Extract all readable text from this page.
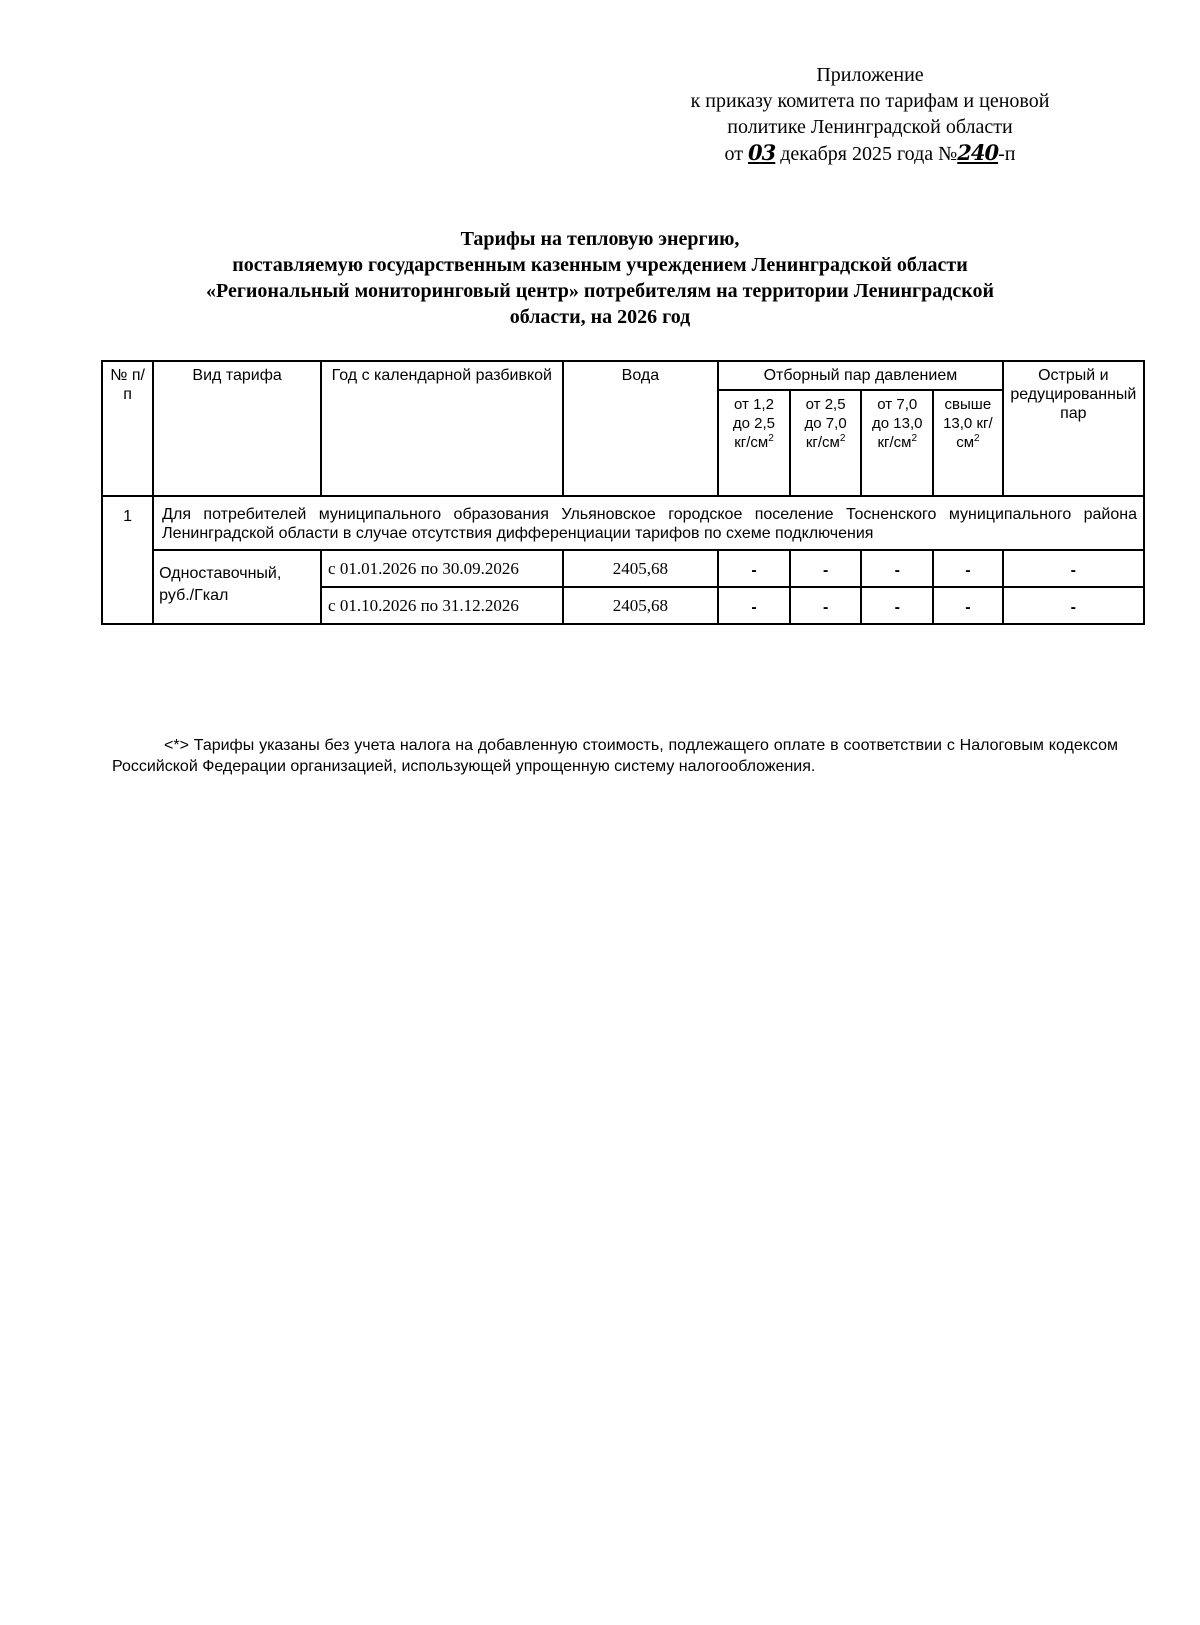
Приложение
к приказу комитета по тарифам и ценовой
политике Ленинградской области
от 03 декабря 2025 года №240-п
Тарифы на тепловую энергию,
поставляемую государственным казенным учреждением Ленинградской области
«Региональный мониторинговый центр» потребителям на территории Ленинградской
области, на 2026 год
№ п/п	Вид тарифа	Год с календарной разбивкой	Вода	Отборный пар давлением				Острый и редуцированный пар
				от 1,2 до 2,5 $кг/см^2$	от 2,5 до 7,0 $кг/см^2$	от 7,0 до 13,0 $кг/см^2$	свыше 13,0 $кг/см^2$
1	Для потребителей муниципального образования Ульяновское городское поселение Тосненского муниципального района Ленинградской области в случае отсутствия дифференциации тарифов по схеме подключения							
	Одноставочный, руб./Гкал	с 01.01.2026 по 30.09.2026	2405,68	-	-	-	-	-
		с 01.10.2026 по 31.12.2026	2405,68	-	-	-	-	-
<*> Тарифы указаны без учета налога на добавленную стоимость, подлежащего оплате в соответствии с Налоговым кодексом Российской Федерации организацией, использующей упрощенную систему налогообложения.
